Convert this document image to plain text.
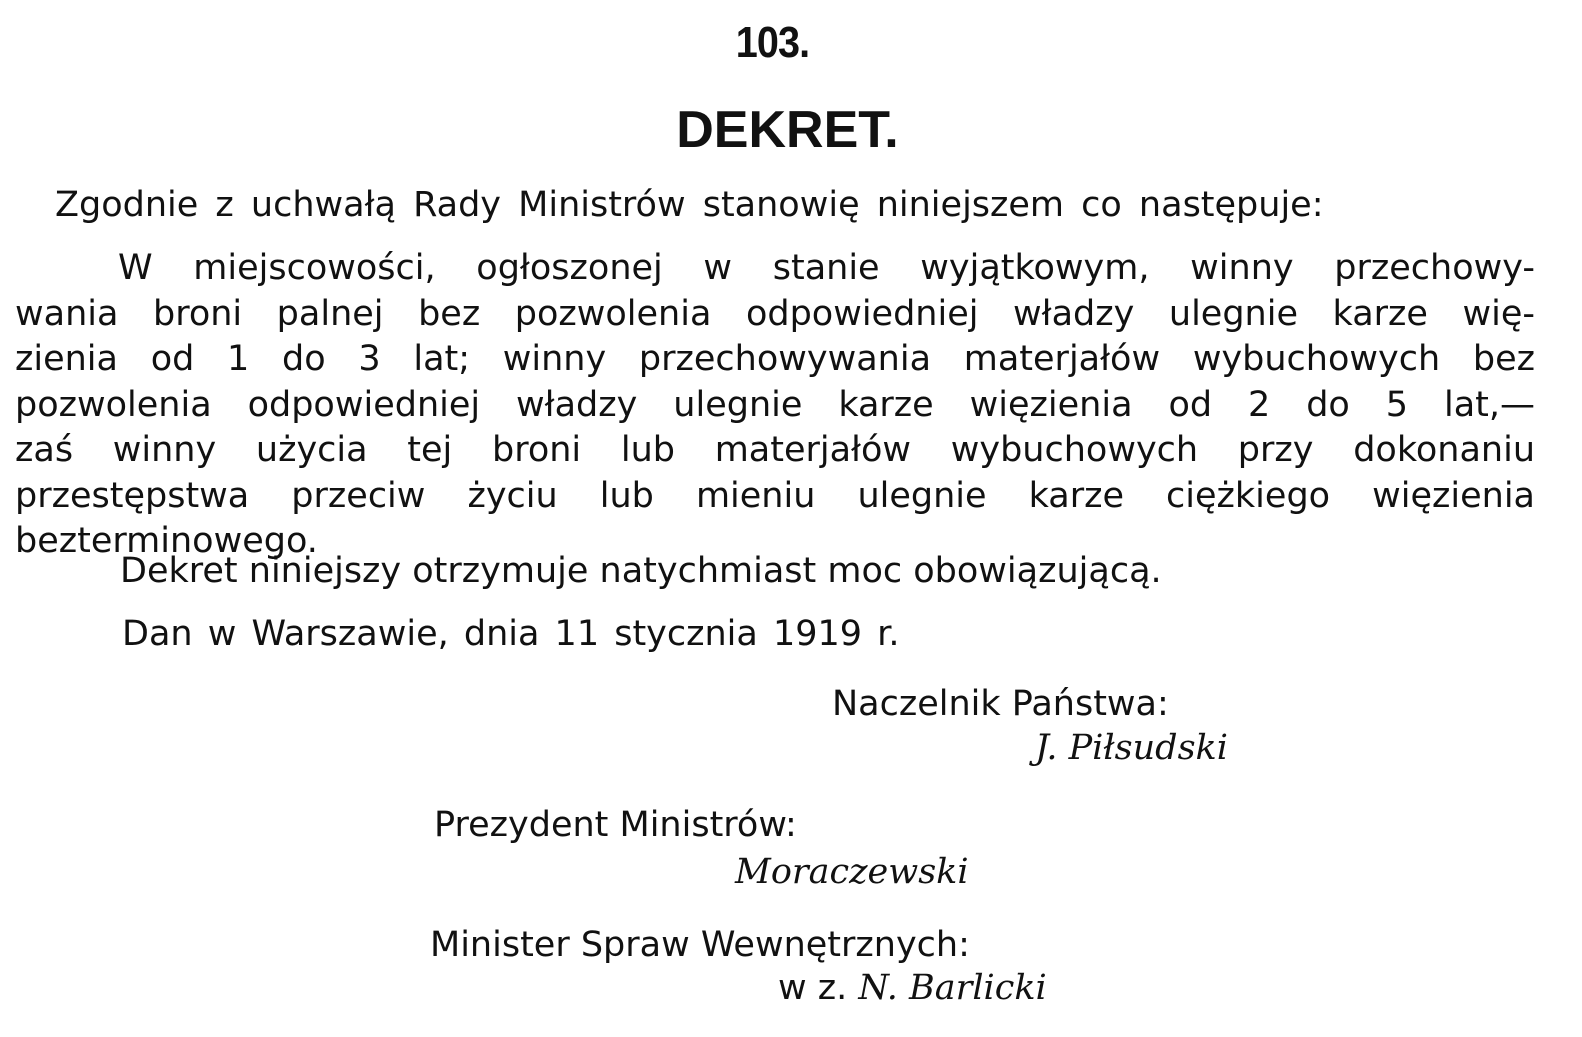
103.
DEKRET.
Zgodnie z uchwałą Rady Ministrów stanowię niniejszem co następuje:
W miejscowości, ogłoszonej w stanie wyjątkowym, winny przechowy-
wania broni palnej bez pozwolenia odpowiedniej władzy ulegnie karze wię-
zienia od 1 do 3 lat; winny przechowywania materjałów wybuchowych bez
pozwolenia odpowiedniej władzy ulegnie karze więzienia od 2 do 5 lat,—
zaś winny użycia tej broni lub materjałów wybuchowych przy dokonaniu
przestępstwa przeciw życiu lub mieniu ulegnie karze ciężkiego więzienia
bezterminowego.
Dekret niniejszy otrzymuje natychmiast moc obowiązującą.
Dan w Warszawie, dnia 11 stycznia 1919 r.
Naczelnik Państwa:
J. Piłsudski
Prezydent Ministrów:
Moraczewski
Minister Spraw Wewnętrznych:
w z. N. Barlicki
